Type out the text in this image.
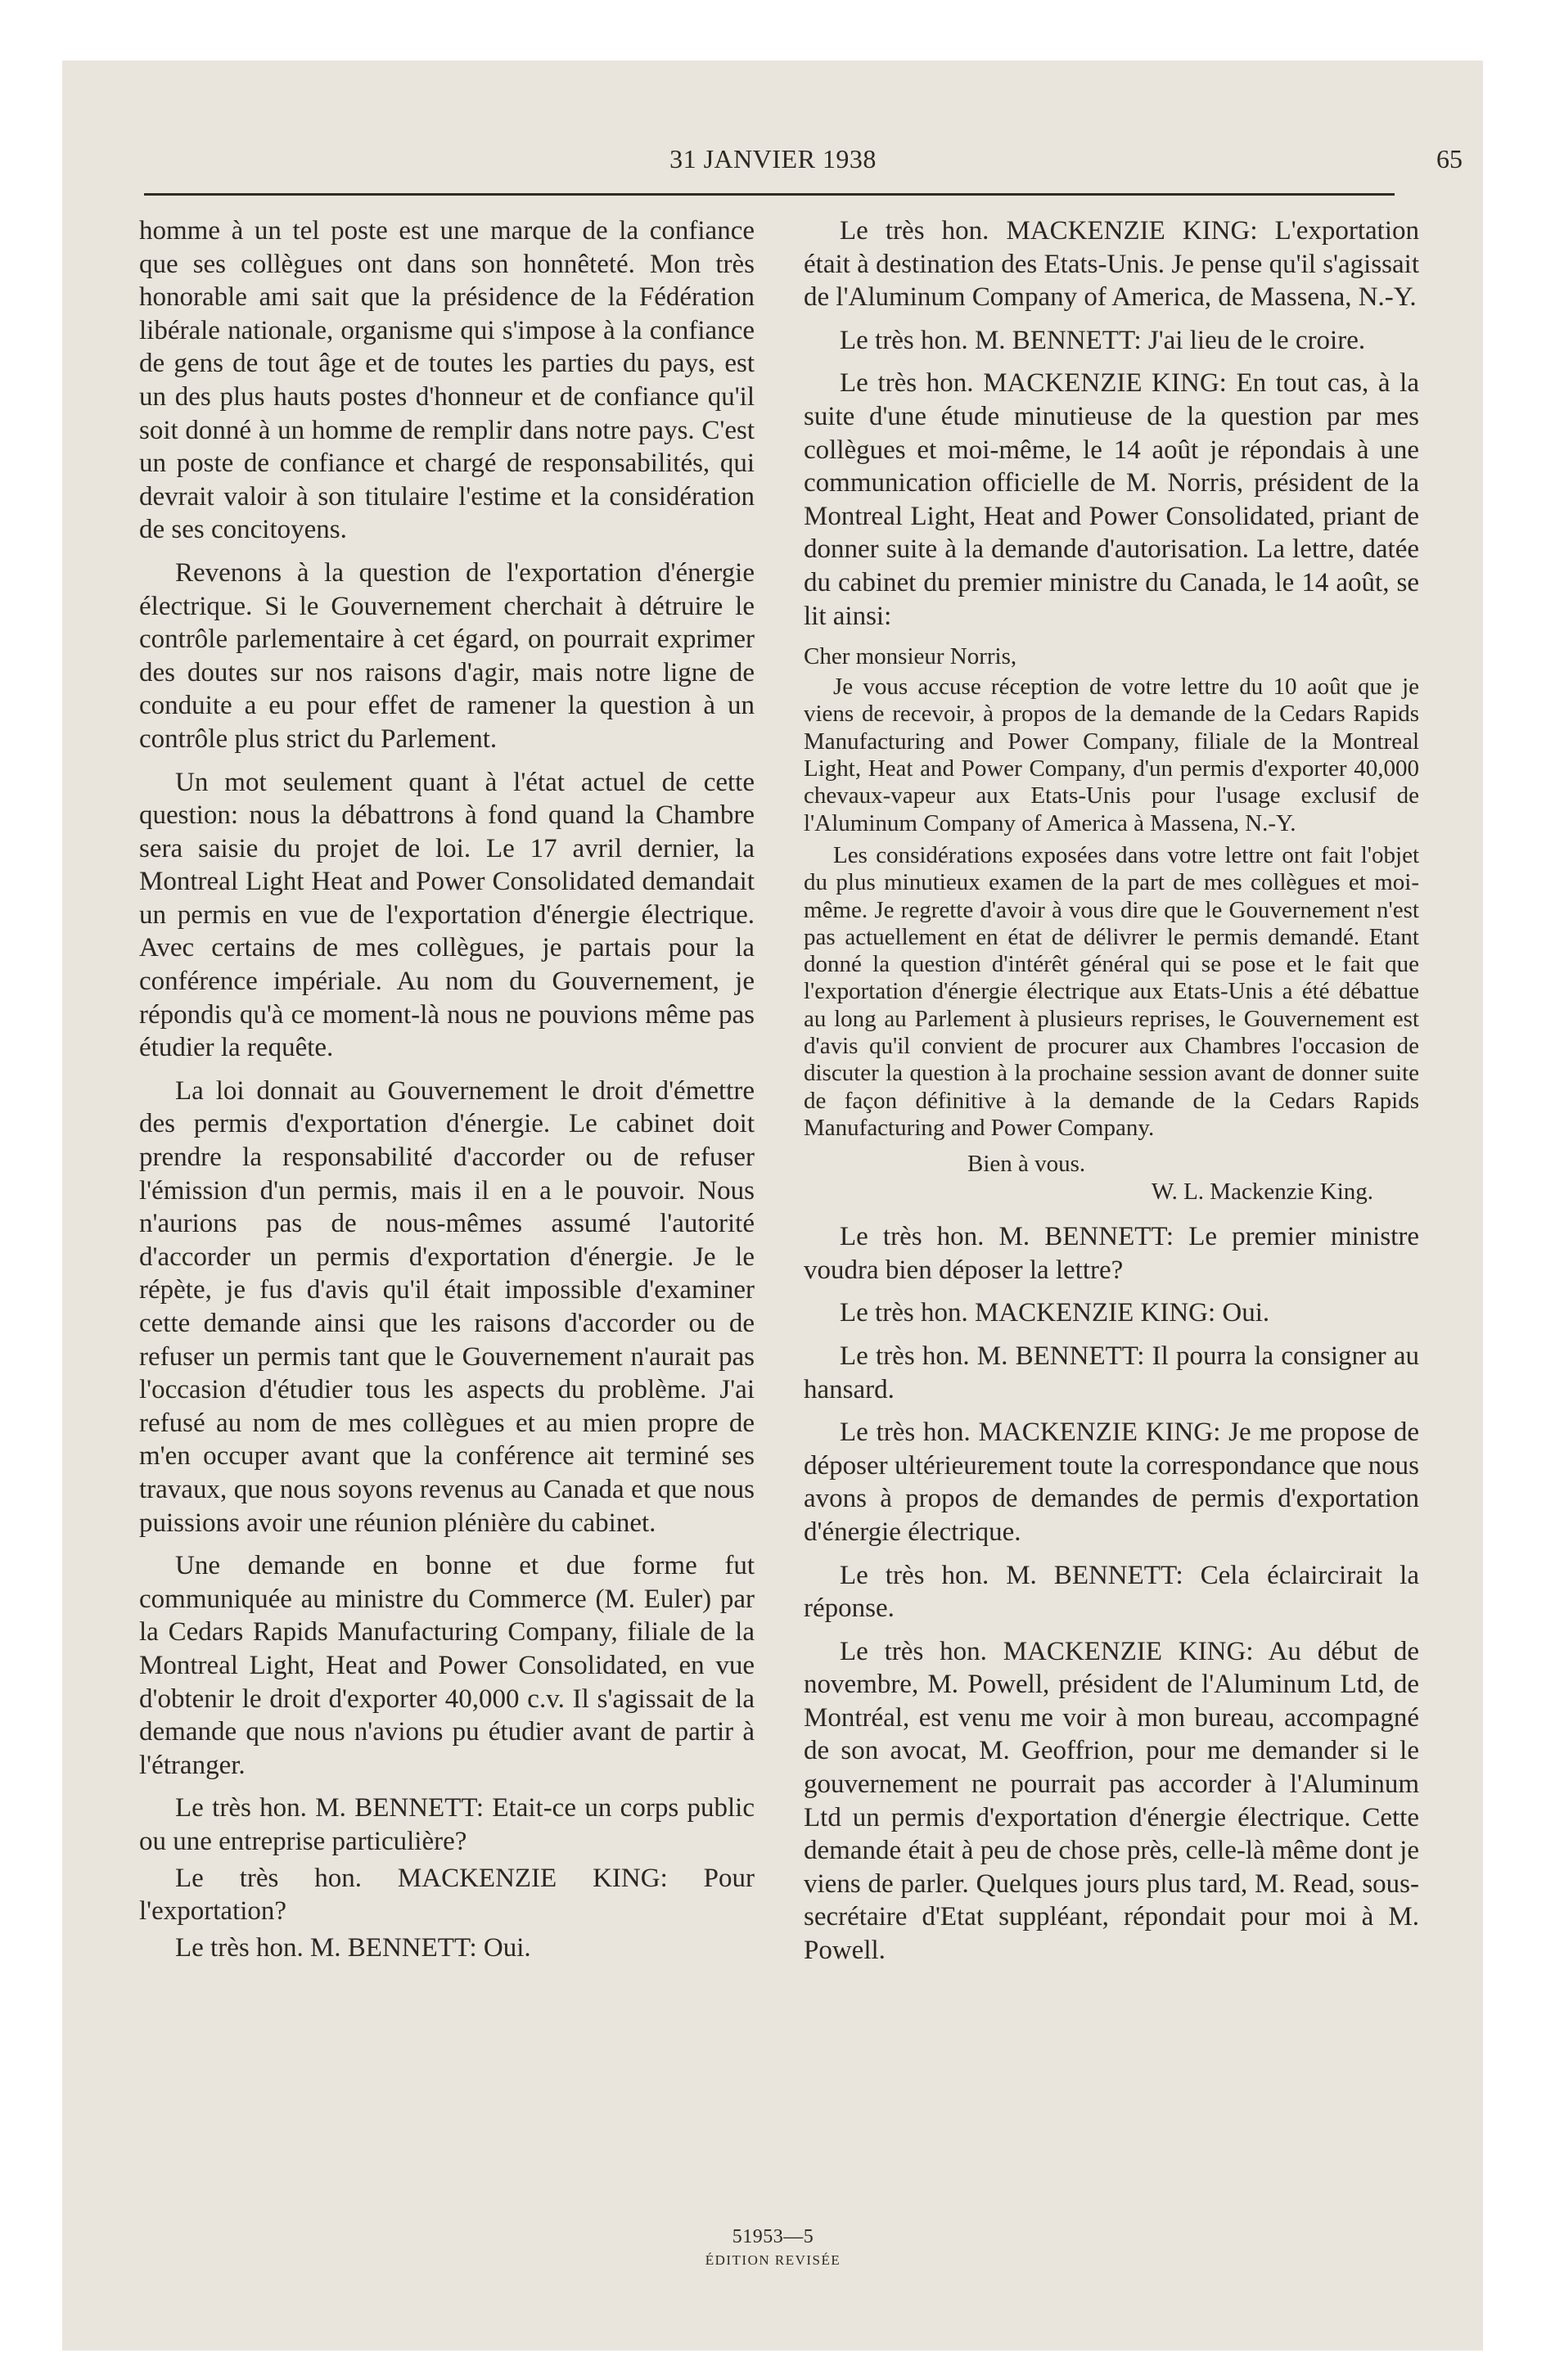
31 JANVIER 1938	65

homme à un tel poste est une marque de la confiance que ses collègues ont dans son honnêteté. Mon très honorable ami sait que la présidence de la Fédération libérale nationale, organisme qui s'impose à la confiance de gens de tout âge et de toutes les parties du pays, est un des plus hauts postes d'honneur et de confiance qu'il soit donné à un homme de remplir dans notre pays. C'est un poste de confiance et chargé de responsabilités, qui devrait valoir à son titulaire l'estime et la considération de ses concitoyens.

Revenons à la question de l'exportation d'énergie électrique. Si le Gouvernement cherchait à détruire le contrôle parlementaire à cet égard, on pourrait exprimer des doutes sur nos raisons d'agir, mais notre ligne de conduite a eu pour effet de ramener la question à un contrôle plus strict du Parlement.

Un mot seulement quant à l'état actuel de cette question: nous la débattrons à fond quand la Chambre sera saisie du projet de loi. Le 17 avril dernier, la Montreal Light Heat and Power Consolidated demandait un permis en vue de l'exportation d'énergie électrique. Avec certains de mes collègues, je partais pour la conférence impériale. Au nom du Gouvernement, je répondis qu'à ce moment-là nous ne pouvions même pas étudier la requête.

La loi donnait au Gouvernement le droit d'émettre des permis d'exportation d'énergie. Le cabinet doit prendre la responsabilité d'accorder ou de refuser l'émission d'un permis, mais il en a le pouvoir. Nous n'aurions pas de nous-mêmes assumé l'autorité d'accorder un permis d'exportation d'énergie. Je le répète, je fus d'avis qu'il était impossible d'examiner cette demande ainsi que les raisons d'accorder ou de refuser un permis tant que le Gouvernement n'aurait pas l'occasion d'étudier tous les aspects du problème. J'ai refusé au nom de mes collègues et au mien propre de m'en occuper avant que la conférence ait terminé ses travaux, que nous soyons revenus au Canada et que nous puissions avoir une réunion plénière du cabinet.

Une demande en bonne et due forme fut communiquée au ministre du Commerce (M. Euler) par la Cedars Rapids Manufacturing Company, filiale de la Montreal Light, Heat and Power Consolidated, en vue d'obtenir le droit d'exporter 40,000 c.v. Il s'agissait de la demande que nous n'avions pu étudier avant de partir à l'étranger.

Le très hon. M. BENNETT: Etait-ce un corps public ou une entreprise particulière?

Le très hon. MACKENZIE KING: Pour l'exportation?

Le très hon. M. BENNETT: Oui.

Le très hon. MACKENZIE KING: L'exportation était à destination des Etats-Unis. Je pense qu'il s'agissait de l'Aluminum Company of America, de Massena, N.-Y.

Le très hon. M. BENNETT: J'ai lieu de le croire.

Le très hon. MACKENZIE KING: En tout cas, à la suite d'une étude minutieuse de la question par mes collègues et moi-même, le 14 août je répondais à une communication officielle de M. Norris, président de la Montreal Light, Heat and Power Consolidated, priant de donner suite à la demande d'autorisation. La lettre, datée du cabinet du premier ministre du Canada, le 14 août, se lit ainsi:

Cher monsieur Norris,

Je vous accuse réception de votre lettre du 10 août que je viens de recevoir, à propos de la demande de la Cedars Rapids Manufacturing and Power Company, filiale de la Montreal Light, Heat and Power Company, d'un permis d'exporter 40,000 chevaux-vapeur aux Etats-Unis pour l'usage exclusif de l'Aluminum Company of America à Massena, N.-Y.

Les considérations exposées dans votre lettre ont fait l'objet du plus minutieux examen de la part de mes collègues et moi-même. Je regrette d'avoir à vous dire que le Gouvernement n'est pas actuellement en état de délivrer le permis demandé. Etant donné la question d'intérêt général qui se pose et le fait que l'exportation d'énergie électrique aux Etats-Unis a été débattue au long au Parlement à plusieurs reprises, le Gouvernement est d'avis qu'il convient de procurer aux Chambres l'occasion de discuter la question à la prochaine session avant de donner suite de façon définitive à la demande de la Cedars Rapids Manufacturing and Power Company.

Bien à vous.

W. L. Mackenzie King.

Le très hon. M. BENNETT: Le premier ministre voudra bien déposer la lettre?

Le très hon. MACKENZIE KING: Oui.

Le très hon. M. BENNETT: Il pourra la consigner au hansard.

Le très hon. MACKENZIE KING: Je me propose de déposer ultérieurement toute la correspondance que nous avons à propos de demandes de permis d'exportation d'énergie électrique.

Le très hon. M. BENNETT: Cela éclaircirait la réponse.

Le très hon. MACKENZIE KING: Au début de novembre, M. Powell, président de l'Aluminum Ltd, de Montréal, est venu me voir à mon bureau, accompagné de son avocat, M. Geoffrion, pour me demander si le gouvernement ne pourrait pas accorder à l'Aluminum Ltd un permis d'exportation d'énergie électrique. Cette demande était à peu de chose près, celle-là même dont je viens de parler. Quelques jours plus tard, M. Read, sous-secrétaire d'Etat suppléant, répondait pour moi à M. Powell.

51953—5
ÉDITION REVISÉE
